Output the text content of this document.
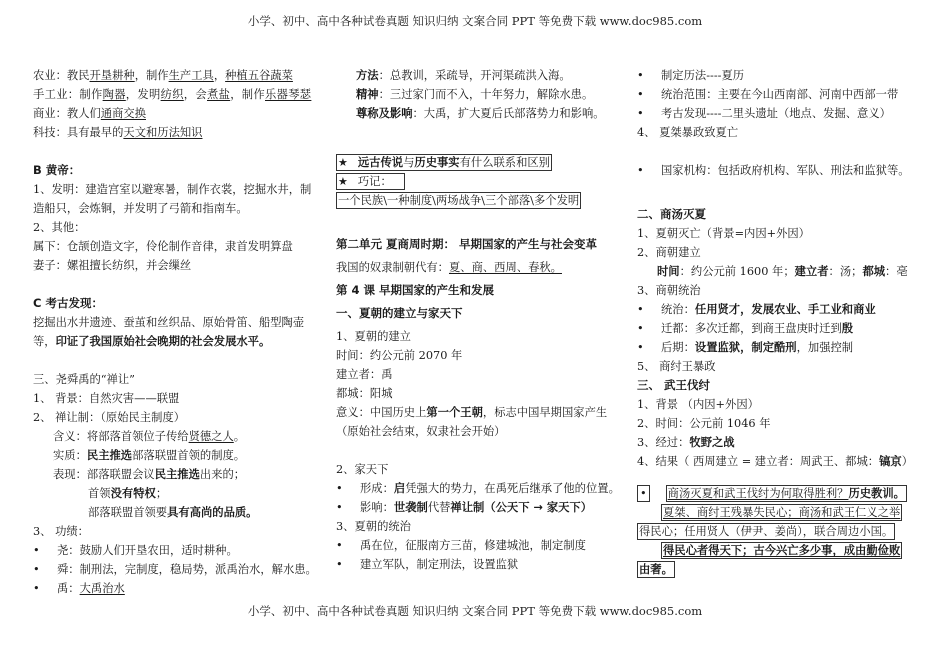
小学、初中、高中各种试卷真题 知识归纳 文案合同 PPT 等免费下载 www.doc985.com
农业：教民开垦耕种，制作生产工具，种植五谷蔬菜
手工业：制作陶器，发明纺织，会煮盐，制作乐器琴瑟
商业：教人们通商交换
科技：具有最早的天文和历法知识
B 黄帝：
1、发明：建造宫室以避寒暑，制作衣裳，挖掘水井，制造船只，会炼铜，并发明了弓箭和指南车。
2、其他：
属下：仓颉创造文字，伶伦制作音律，隶首发明算盘
妻子：嫘祖擅长纺织，并会缫丝
C 考古发现：
挖掘出水井遗迹、蚕茧和丝织品、原始骨笛、船型陶壶等，印证了我国原始社会晚期的社会发展水平。
三、尧舜禹的“禅让”
1、 背景：自然灾害——联盟
2、 禅让制：（原始民主制度）
含义：将部落首领位子传给贤德之人。
实质：民主推选部落联盟首领的制度。
表现：部落联盟会议民主推选出来的；
首领没有特权；
部落联盟首领要具有高尚的品质。
3、 功绩：
•	尧：鼓励人们开垦农田，适时耕种。
•	舜：制刑法，完制度，稳局势，派禹治水，解水患。
•	禹：大禹治水
方法：总教训，采疏导，开河渠疏洪入海。
精神：三过家门而不入，十年努力，解除水患。
尊称及影响：大禹，扩大夏后氏部落势力和影响。
★ 远古传说与历史事实有什么联系和区别
★ 巧记：
一个民族\一种制度\两场战争\三个部落\多个发明
第二单元 夏商周时期： 早期国家的产生与社会变革
我国的奴隶制朝代有：夏、商、西周、春秋。
第 4 课 早期国家的产生和发展
一、夏朝的建立与家天下
1、夏朝的建立
时间：约公元前 2070 年
建立者：禹
都城：阳城
意义：中国历史上第一个王朝，标志中国早期国家产生
（原始社会结束，奴隶社会开始）
2、家天下
•	形成：启凭强大的势力，在禹死后继承了他的位置。
•	影响：世袭制代替禅让制（公天下 → 家天下）
3、夏朝的统治
•	禹在位，征服南方三苗，修建城池，制定制度
•	建立军队，制定刑法，设置监狱
•	制定历法----夏历
•	统治范围：主要在今山西南部、河南中西部一带
•	考古发现----二里头遗址（地点、发掘、意义）
4、 夏桀暴政致夏亡
•	国家机构：包括政府机构、军队、刑法和监狱等。
二、商汤灭夏
1、夏朝灭亡（背景=内因+外因）
2、商朝建立
时间：约公元前 1600 年；建立者：汤；都城：亳
3、商朝统治
•	统治：任用贤才，发展农业、手工业和商业
•	迁都：多次迁都，到商王盘庚时迁到殷
•	后期：设置监狱，制定酷刑，加强控制
5、 商纣王暴政
三、 武王伐纣
1、背景 （内因+外因）
2、时间：公元前 1046 年
3、经过：牧野之战
4、结果（ 西周建立 = 建立者：周武王、都城：镐京）
• 商汤灭夏和武王伐纣为何取得胜利？历史教训。
夏桀、商纣王残暴失民心；商汤和武王仁义之举
得民心；任用贤人（伊尹、姜尚），联合周边小国。
得民心者得天下；古今兴亡多少事，成由勤俭败
由奢。
小学、初中、高中各种试卷真题 知识归纳 文案合同 PPT 等免费下载 www.doc985.com
